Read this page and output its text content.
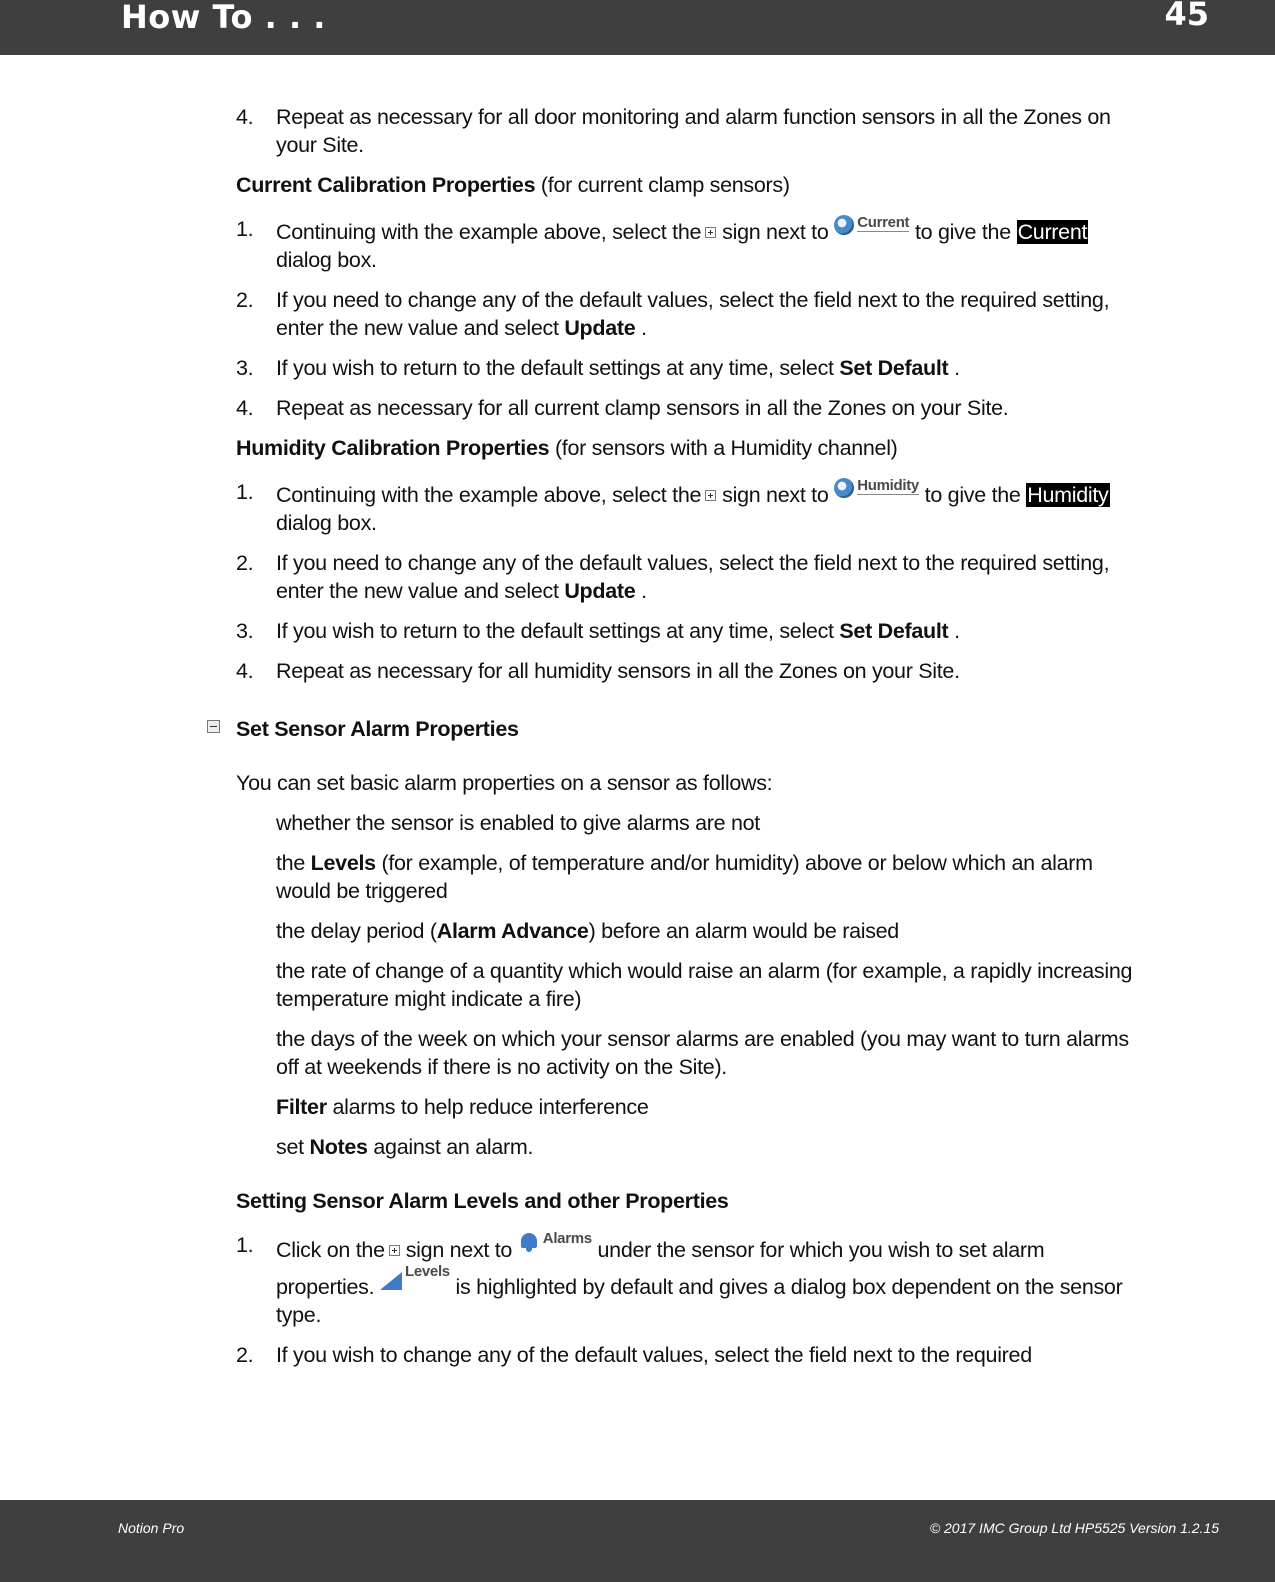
How To . . .	45
4. Repeat as necessary for all door monitoring and alarm function sensors in all the Zones on your Site.
Current Calibration Properties (for current clamp sensors)
1. Continuing with the example above, select the sign next to Current to give the Current dialog box.
2. If you need to change any of the default values, select the field next to the required setting, enter the new value and select Update .
3. If you wish to return to the default settings at any time, select Set Default .
4. Repeat as necessary for all current clamp sensors in all the Zones on your Site.
Humidity Calibration Properties (for sensors with a Humidity channel)
1. Continuing with the example above, select the sign next to Humidity to give the Humidity dialog box.
2. If you need to change any of the default values, select the field next to the required setting, enter the new value and select Update .
3. If you wish to return to the default settings at any time, select Set Default .
4. Repeat as necessary for all humidity sensors in all the Zones on your Site.
Set Sensor Alarm Properties
You can set basic alarm properties on a sensor as follows:
whether the sensor is enabled to give alarms are not
the Levels (for example, of temperature and/or humidity) above or below which an alarm would be triggered
the delay period (Alarm Advance) before an alarm would be raised
the rate of change of a quantity which would raise an alarm (for example, a rapidly increasing temperature might indicate a fire)
the days of the week on which your sensor alarms are enabled (you may want to turn alarms off at weekends if there is no activity on the Site).
Filter alarms to help reduce interference
set Notes against an alarm.
Setting Sensor Alarm Levels and other Properties
1. Click on the sign next to Alarms under the sensor for which you wish to set alarm properties.
Levels
is highlighted by default and gives a dialog box dependent on the sensor type.
2. If you wish to change any of the default values, select the field next to the required
Notion Pro	© 2017 IMC Group Ltd HP5525 Version 1.2.15
